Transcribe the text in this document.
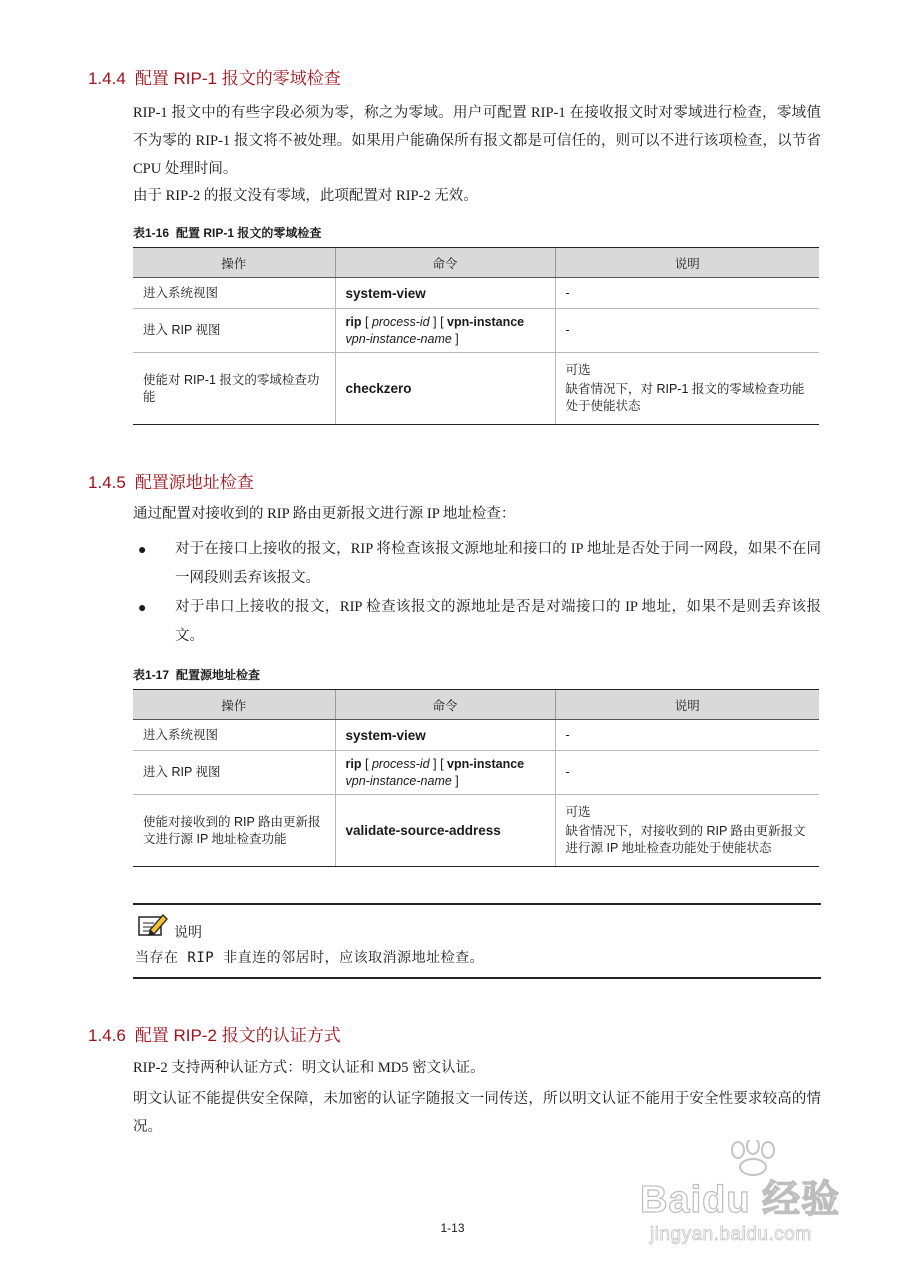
1.4.4 配置 RIP-1 报文的零域检查

RIP-1 报文中的有些字段必须为零，称之为零域。用户可配置 RIP-1 在接收报文时对零域进行检查，零域值不为零的 RIP-1 报文将不被处理。如果用户能确保所有报文都是可信任的，则可以不进行该项检查，以节省 CPU 处理时间。

由于 RIP-2 的报文没有零域，此项配置对 RIP-2 无效。

表1-16 配置 RIP-1 报文的零域检查

操作	命令	说明
进入系统视图	system-view	-
进入 RIP 视图	rip [ process-id ] [ vpn-instance
vpn-instance-name ]	-
使能对 RIP-1 报文的零域检查功能	checkzero	可选
缺省情况下，对 RIP-1 报文的零域检查功能处于使能状态
1.4.5 配置源地址检查

通过配置对接收到的 RIP 路由更新报文进行源 IP 地址检查：

● 对于在接口上接收的报文，RIP 将检查该报文源地址和接口的 IP 地址是否处于同一网段，如果不在同一网段则丢弃该报文。

● 对于串口上接收的报文，RIP 检查该报文的源地址是否是对端接口的 IP 地址，如果不是则丢弃该报文。

表1-17 配置源地址检查

操作	命令	说明
进入系统视图	system-view	-
进入 RIP 视图	rip [ process-id ] [ vpn-instance
vpn-instance-name ]	-
使能对接收到的 RIP 路由更新报文进行源 IP 地址检查功能	validate-source-address	可选
缺省情况下，对接收到的 RIP 路由更新报文进行源 IP 地址检查功能处于使能状态
说明
当存在 RIP 非直连的邻居时，应该取消源地址检查。
1.4.6 配置 RIP-2 报文的认证方式

RIP-2 支持两种认证方式：明文认证和 MD5 密文认证。

明文认证不能提供安全保障，未加密的认证字随报文一同传送，所以明文认证不能用于安全性要求较高的情况。

Baidu 经验
jingyan.baidu.com
1-13
